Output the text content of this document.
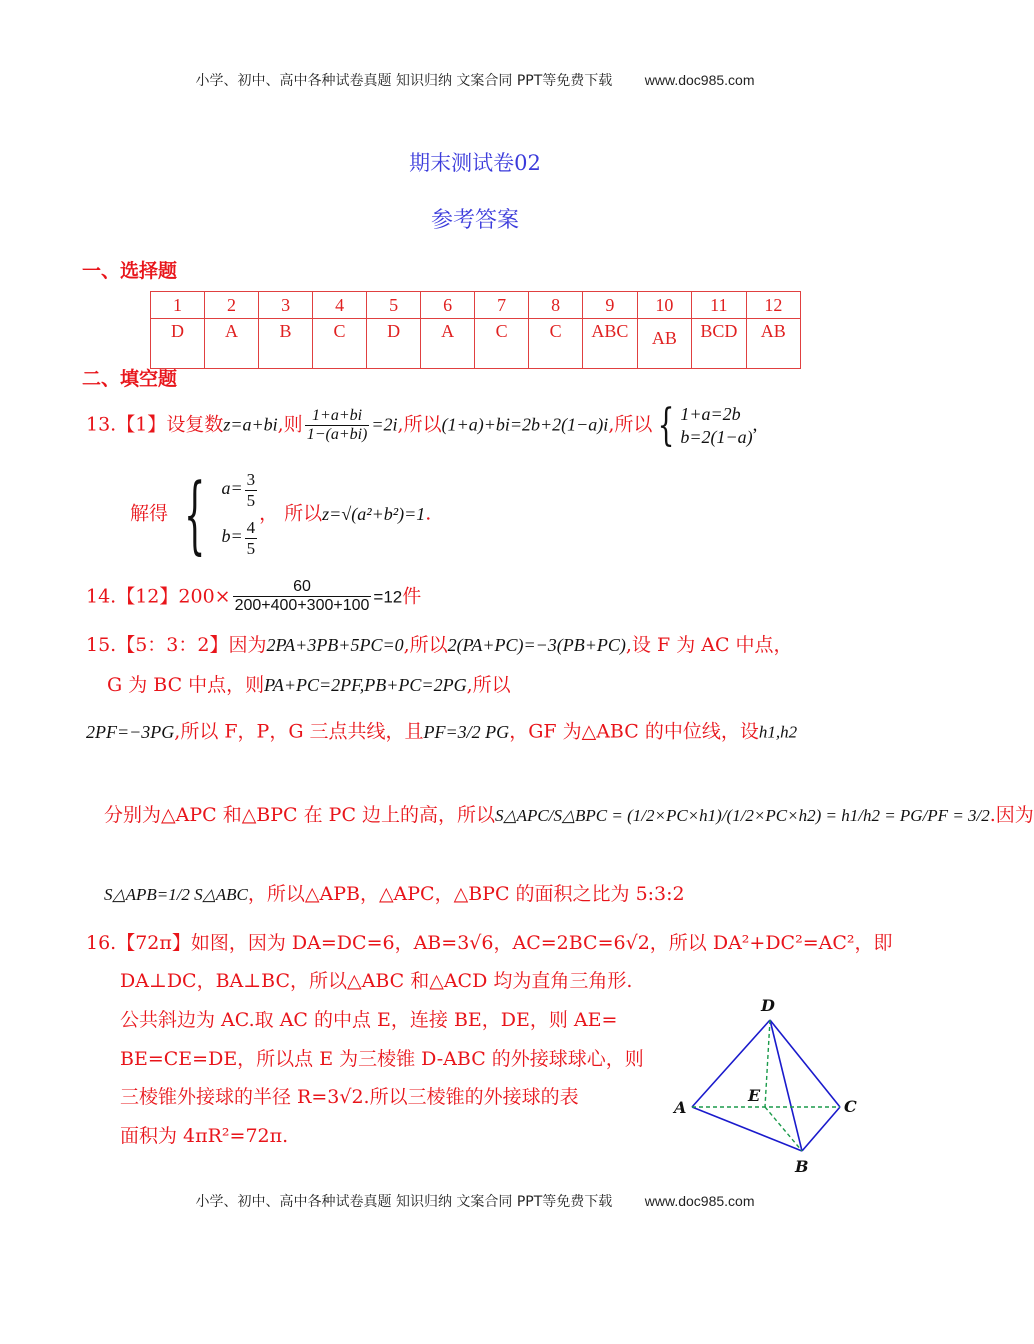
小学、初中、高中各种试卷真题 知识归纳 文案合同 PPT等免费下载 www.doc985.com
期末测试卷02
参考答案
一、选择题
1	2	3	4	5	6	7	8	9	10	11	12
D	A	B	C	D	A	C	C	ABC	AB	BCD	AB
二、填空题
13.【1】设复数z=a+bi,则 $\frac{1+a+bi}{1-(a+bi)} =2i$,所以(1+a)+bi=2b+2(1−a)i,所以 { 1+a=2b
b=2(1−a)
,
解得 { $a= \frac{3}{5}$
$b= \frac{4}{5}$
， 所以z=√(a²+b²)=1.
14.【12】$200\times \frac{60}{200+400+300+100} =12$件
15.【5：3：2】因为2PA+3PB+5PC=0,所以2(PA+PC)=−3(PB+PC),设 F 为 AC 中点，
G 为 BC 中点，则PA+PC=2PF,PB+PC=2PG,所以
2PF=−3PG,所以 F，P，G 三点共线，且PF=3/2 PG，GF 为△ABC 的中位线，设h1,h2
分别为△APC 和△BPC 在 PC 边上的高，所以S△APC/S△BPC = (1/2×PC×h1)/(1/2×PC×h2) = h1/h2 = PG/PF = 3/2.因为
S△APB=1/2 S△ABC，所以△APB，△APC，△BPC 的面积之比为 5:3:2
16.【72π】如图，因为 DA=DC=6，AB=3√6，AC=2BC=6√2，所以 DA²+DC²=AC²，即
DA⊥DC，BA⊥BC，所以△ABC 和△ACD 均为直角三角形.
公共斜边为 AC.取 AC 的中点 E，连接 BE，DE，则 AE=
BE=CE=DE，所以点 E 为三棱锥 D-ABC 的外接球球心，则
三棱锥外接球的半径 R=3√2.所以三棱锥的外接球的表
面积为 4πR²=72π.
D
A	C
B
E
小学、初中、高中各种试卷真题 知识归纳 文案合同 PPT等免费下载 www.doc985.com
